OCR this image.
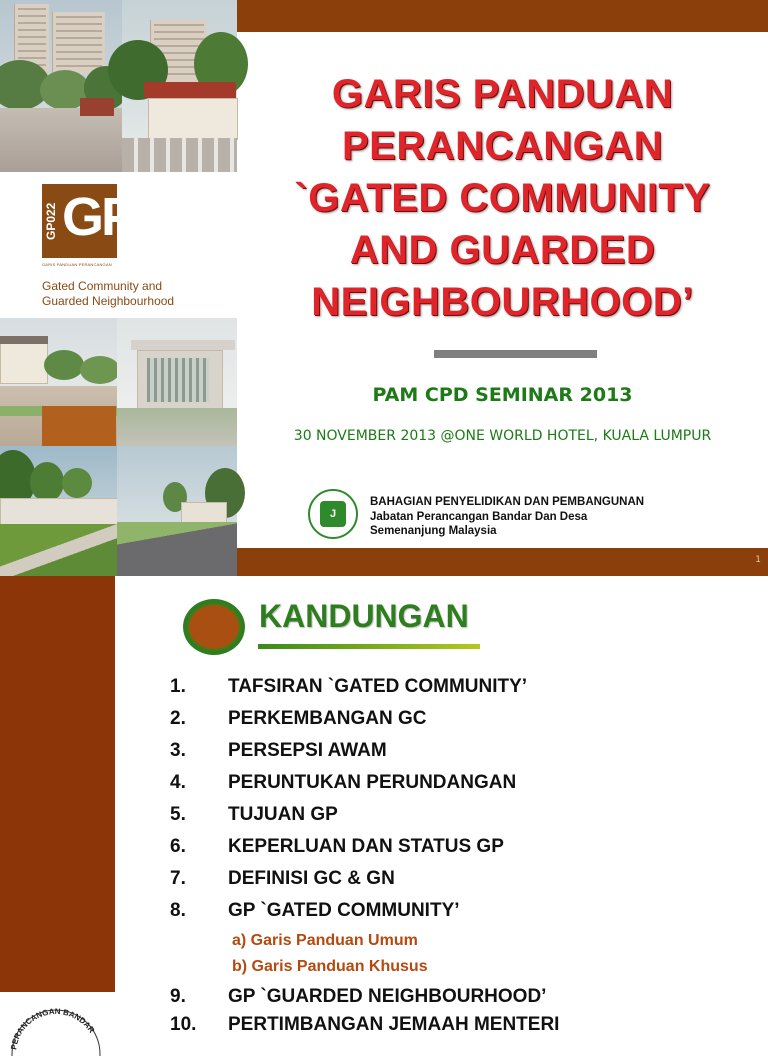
GP022 GP
GARIS PANDUAN PERANCANGAN
Gated Community and
Guarded Neighbourhood
GARIS PANDUAN
PERANCANGAN
`GATED COMMUNITY
AND GUARDED
NEIGHBOURHOOD’
PAM CPD SEMINAR 2013
30 NOVEMBER 2013 @ONE WORLD HOTEL, KUALA LUMPUR
J
BAHAGIAN PENYELIDIKAN DAN PEMBANGUNAN
Jabatan Perancangan Bandar Dan Desa
Semenanjung Malaysia
1
KANDUNGAN
1. TAFSIRAN `GATED COMMUNITY’
2. PERKEMBANGAN GC
3. PERSEPSI AWAM
4. PERUNTUKAN PERUNDANGAN
5. TUJUAN GP
6. KEPERLUAN DAN STATUS GP
7. DEFINISI GC & GN
8. GP `GATED COMMUNITY’
a) Garis Panduan Umum
b) Garis Panduan Khusus
9. GP `GUARDED NEIGHBOURHOOD’
10. PERTIMBANGAN JEMAAH MENTERI
PERANCANGAN BANDAR
